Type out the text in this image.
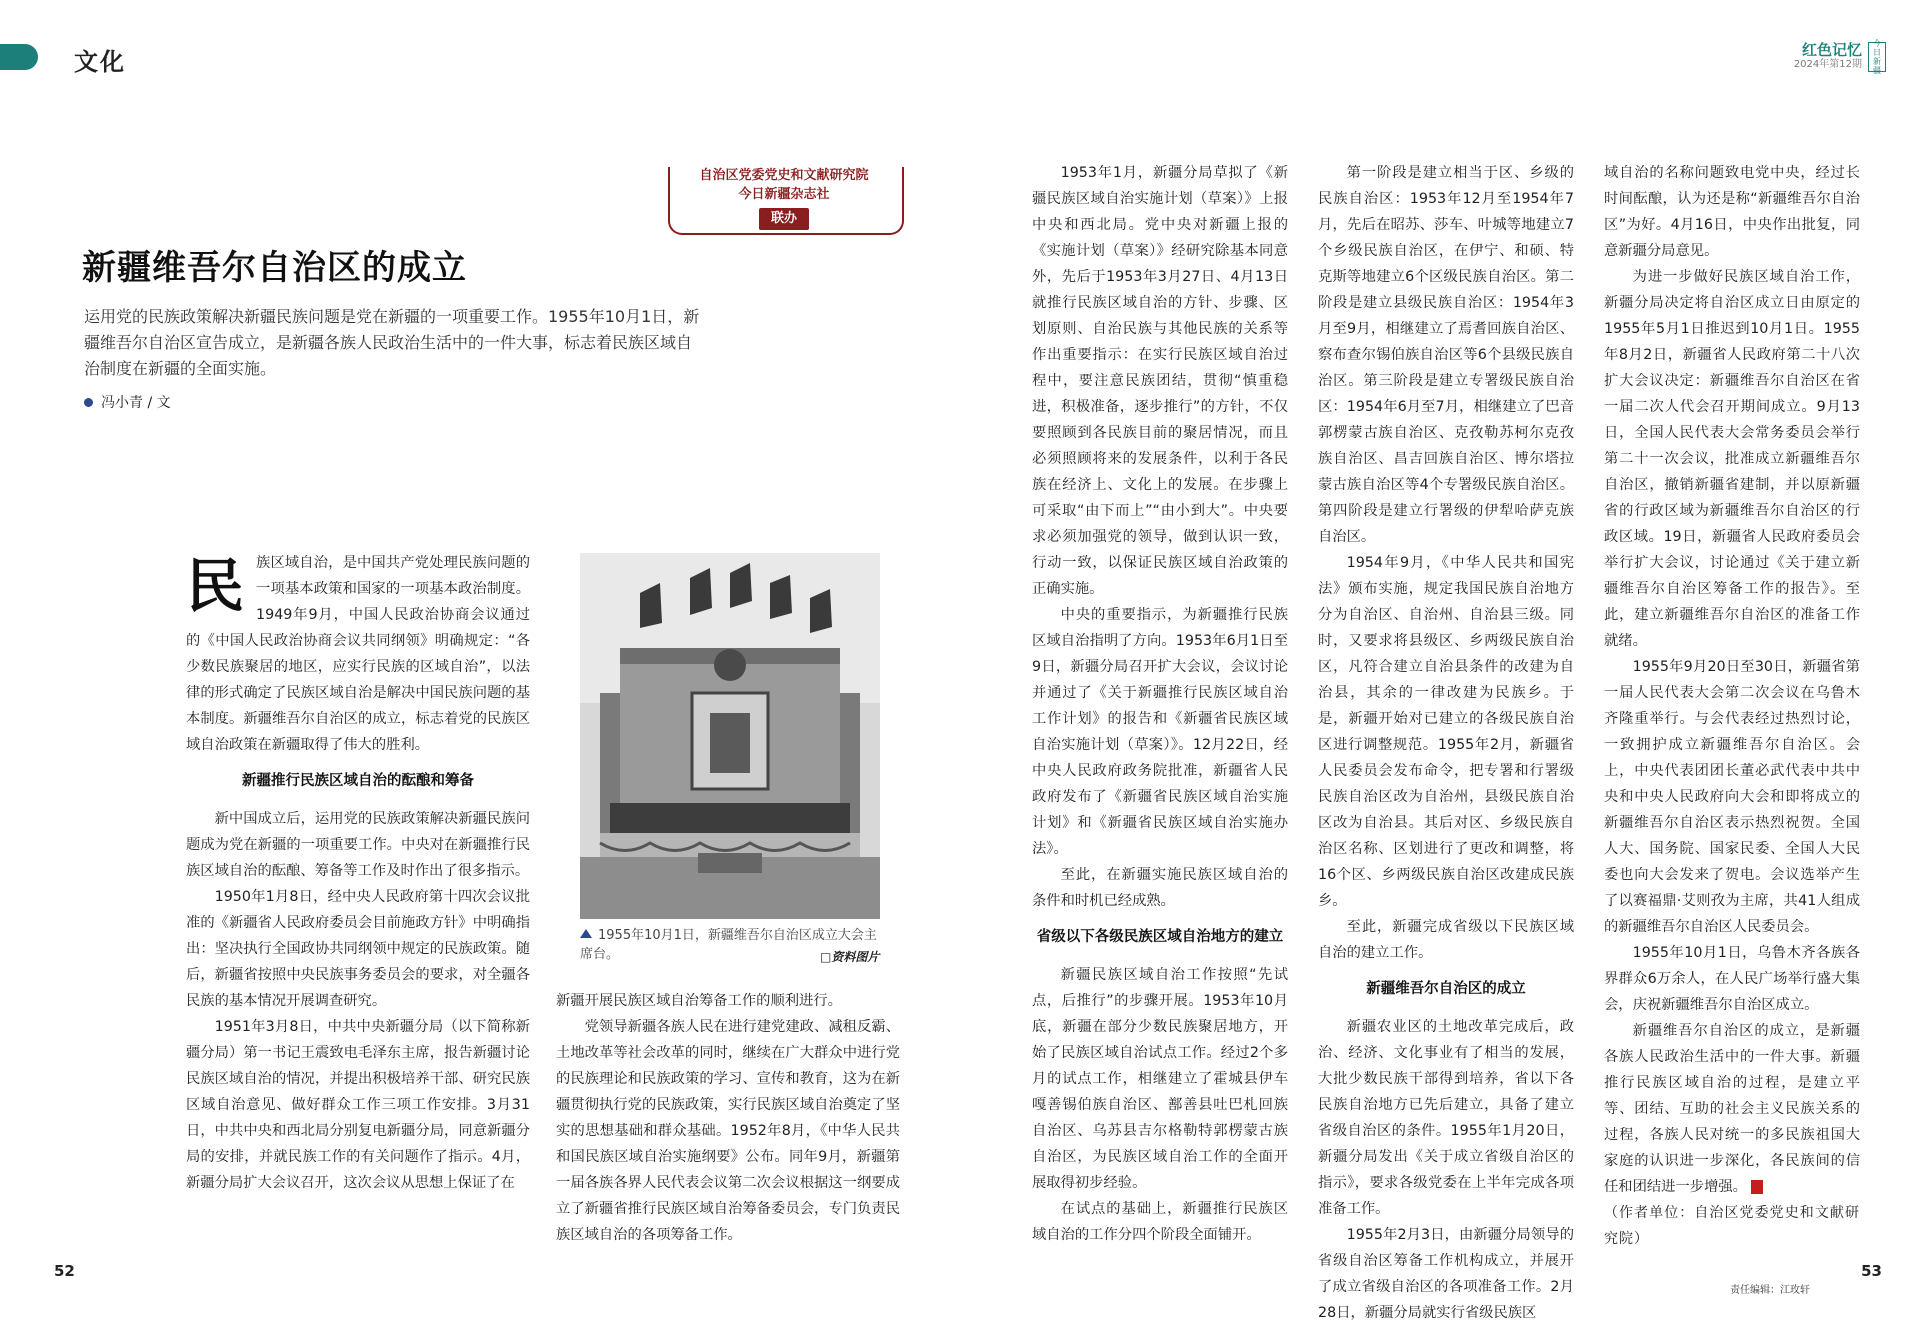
文化	红色记忆
2024年第12期
今日新疆
自治区党委党史和文献研究院
今日新疆杂志社
联办
新疆维吾尔自治区的成立
运用党的民族政策解决新疆民族问题是党在新疆的一项重要工作。1955年10月1日，新疆维吾尔自治区宣告成立，是新疆各族人民政治生活中的一件大事，标志着民族区域自治制度在新疆的全面实施。
冯小青 / 文

民族区域自治，是中国共产党处理民族问题的一项基本政策和国家的一项基本政治制度。1949年9月，中国人民政治协商会议通过的《中国人民政治协商会议共同纲领》明确规定：“各少数民族聚居的地区，应实行民族的区域自治”，以法律的形式确定了民族区域自治是解决中国民族问题的基本制度。新疆维吾尔自治区的成立，标志着党的民族区域自治政策在新疆取得了伟大的胜利。

新疆推行民族区域自治的酝酿和筹备

新中国成立后，运用党的民族政策解决新疆民族问题成为党在新疆的一项重要工作。中央对在新疆推行民族区域自治的酝酿、筹备等工作及时作出了很多指示。

1950年1月8日，经中央人民政府第十四次会议批准的《新疆省人民政府委员会目前施政方针》中明确指出：坚决执行全国政协共同纲领中规定的民族政策。随后，新疆省按照中央民族事务委员会的要求，对全疆各民族的基本情况开展调查研究。

1951年3月8日，中共中央新疆分局（以下简称新疆分局）第一书记王震致电毛泽东主席，报告新疆讨论民族区域自治的情况，并提出积极培养干部、研究民族区域自治意见、做好群众工作三项工作安排。3月31日，中共中央和西北局分别复电新疆分局，同意新疆分局的安排，并就民族工作的有关问题作了指示。4月，新疆分局扩大会议召开，这次会议从思想上保证了在

1955年10月1日，新疆维吾尔自治区成立大会主席台。	□资料图片

新疆开展民族区域自治筹备工作的顺利进行。

党领导新疆各族人民在进行建党建政、减租反霸、土地改革等社会改革的同时，继续在广大群众中进行党的民族理论和民族政策的学习、宣传和教育，这为在新疆贯彻执行党的民族政策，实行民族区域自治奠定了坚实的思想基础和群众基础。1952年8月，《中华人民共和国民族区域自治实施纲要》公布。同年9月，新疆第一届各族各界人民代表会议第二次会议根据这一纲要成立了新疆省推行民族区域自治筹备委员会，专门负责民族区域自治的各项筹备工作。

1953年1月，新疆分局草拟了《新疆民族区域自治实施计划（草案）》上报中央和西北局。党中央对新疆上报的《实施计划（草案）》经研究除基本同意外，先后于1953年3月27日、4月13日就推行民族区域自治的方针、步骤、区划原则、自治民族与其他民族的关系等作出重要指示：在实行民族区域自治过程中，要注意民族团结，贯彻“慎重稳进，积极准备，逐步推行”的方针，不仅要照顾到各民族目前的聚居情况，而且必须照顾将来的发展条件，以利于各民族在经济上、文化上的发展。在步骤上可采取“由下而上”“由小到大”。中央要求必须加强党的领导，做到认识一致，行动一致，以保证民族区域自治政策的正确实施。

中央的重要指示，为新疆推行民族区域自治指明了方向。1953年6月1日至9日，新疆分局召开扩大会议，会议讨论并通过了《关于新疆推行民族区域自治工作计划》的报告和《新疆省民族区域自治实施计划（草案）》。12月22日，经中央人民政府政务院批准，新疆省人民政府发布了《新疆省民族区域自治实施计划》和《新疆省民族区域自治实施办法》。

至此，在新疆实施民族区域自治的条件和时机已经成熟。

省级以下各级民族区域自治地方的建立

新疆民族区域自治工作按照“先试点，后推行”的步骤开展。1953年10月底，新疆在部分少数民族聚居地方，开始了民族区域自治试点工作。经过2个多月的试点工作，相继建立了霍城县伊车嘎善锡伯族自治区、鄯善县吐巴札回族自治区、乌苏县吉尔格勒特郭楞蒙古族自治区，为民族区域自治工作的全面开展取得初步经验。

在试点的基础上，新疆推行民族区域自治的工作分四个阶段全面铺开。

第一阶段是建立相当于区、乡级的民族自治区：1953年12月至1954年7月，先后在昭苏、莎车、叶城等地建立7个乡级民族自治区，在伊宁、和硕、特克斯等地建立6个区级民族自治区。第二阶段是建立县级民族自治区：1954年3月至9月，相继建立了焉耆回族自治区、察布查尔锡伯族自治区等6个县级民族自治区。第三阶段是建立专署级民族自治区：1954年6月至7月，相继建立了巴音郭楞蒙古族自治区、克孜勒苏柯尔克孜族自治区、昌吉回族自治区、博尔塔拉蒙古族自治区等4个专署级民族自治区。第四阶段是建立行署级的伊犁哈萨克族自治区。

1954年9月，《中华人民共和国宪法》颁布实施，规定我国民族自治地方分为自治区、自治州、自治县三级。同时，又要求将县级区、乡两级民族自治区，凡符合建立自治县条件的改建为自治县，其余的一律改建为民族乡。于是，新疆开始对已建立的各级民族自治区进行调整规范。1955年2月，新疆省人民委员会发布命令，把专署和行署级民族自治区改为自治州，县级民族自治区改为自治县。其后对区、乡级民族自治区名称、区划进行了更改和调整，将16个区、乡两级民族自治区改建成民族乡。

至此，新疆完成省级以下民族区域自治的建立工作。

新疆维吾尔自治区的成立

新疆农业区的土地改革完成后，政治、经济、文化事业有了相当的发展，大批少数民族干部得到培养，省以下各民族自治地方已先后建立，具备了建立省级自治区的条件。1955年1月20日，新疆分局发出《关于成立省级自治区的指示》，要求各级党委在上半年完成各项准备工作。

1955年2月3日，由新疆分局领导的省级自治区筹备工作机构成立，并展开了成立省级自治区的各项准备工作。2月28日，新疆分局就实行省级民族区

域自治的名称问题致电党中央，经过长时间酝酿，认为还是称“新疆维吾尔自治区”为好。4月16日，中央作出批复，同意新疆分局意见。

为进一步做好民族区域自治工作，新疆分局决定将自治区成立日由原定的1955年5月1日推迟到10月1日。1955年8月2日，新疆省人民政府第二十八次扩大会议决定：新疆维吾尔自治区在省一届二次人代会召开期间成立。9月13日，全国人民代表大会常务委员会举行第二十一次会议，批准成立新疆维吾尔自治区，撤销新疆省建制，并以原新疆省的行政区域为新疆维吾尔自治区的行政区域。19日，新疆省人民政府委员会举行扩大会议，讨论通过《关于建立新疆维吾尔自治区筹备工作的报告》。至此，建立新疆维吾尔自治区的准备工作就绪。

1955年9月20日至30日，新疆省第一届人民代表大会第二次会议在乌鲁木齐隆重举行。与会代表经过热烈讨论，一致拥护成立新疆维吾尔自治区。会上，中央代表团团长董必武代表中共中央和中央人民政府向大会和即将成立的新疆维吾尔自治区表示热烈祝贺。全国人大、国务院、国家民委、全国人大民委也向大会发来了贺电。会议选举产生了以赛福鼎·艾则孜为主席，共41人组成的新疆维吾尔自治区人民委员会。

1955年10月1日，乌鲁木齐各族各界群众6万余人，在人民广场举行盛大集会，庆祝新疆维吾尔自治区成立。

新疆维吾尔自治区的成立，是新疆各族人民政治生活中的一件大事。新疆推行民族区域自治的过程，是建立平等、团结、互助的社会主义民族关系的过程，各族人民对统一的多民族祖国大家庭的认识进一步深化，各民族间的信任和团结进一步增强。

（作者单位：自治区党委党史和文献研究院）
52	53
责任编辑：江玫轩
